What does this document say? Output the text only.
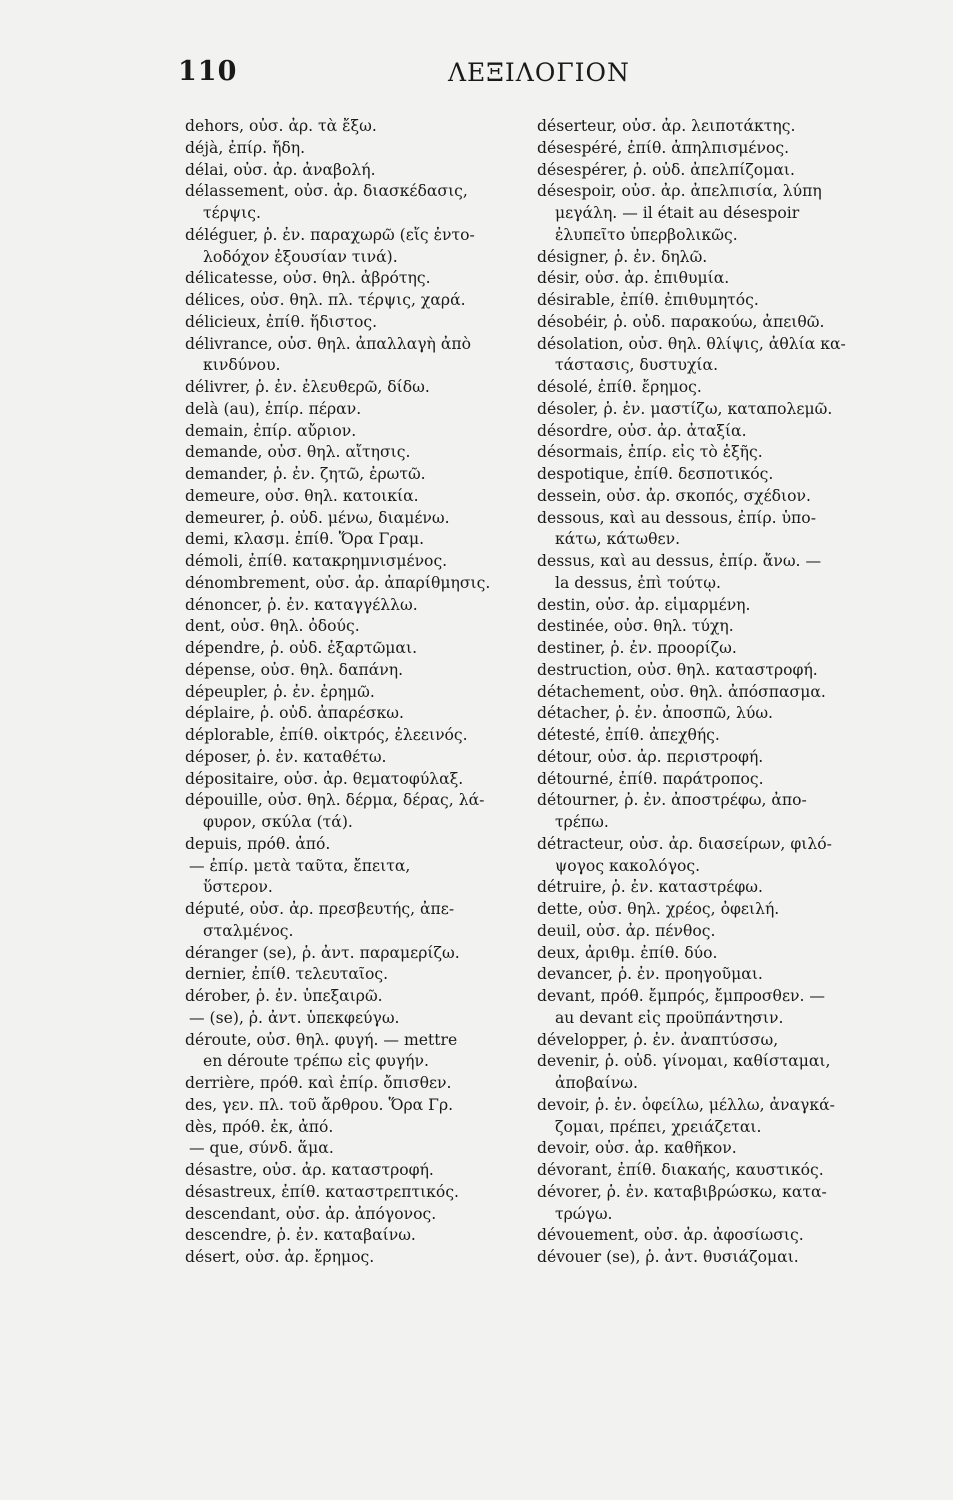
110	ΛΕΞΙΛΟΓΙΟΝ
dehors, οὐσ. ἀρ. τὰ ἔξω.
déjà, ἐπίρ. ἤδη.
délai, οὐσ. ἀρ. ἀναβολή.
délassement, οὐσ. ἀρ. διασκέδασις,
τέρψις.
déléguer, ῥ. ἐν. παραχωρῶ (εἴς ἐντο-
λοδόχον ἐξουσίαν τινά).
délicatesse, οὐσ. θηλ. ἀβρότης.
délices, οὐσ. θηλ. πλ. τέρψις, χαρά.
délicieux, ἐπίθ. ἥδιστος.
délivrance, οὐσ. θηλ. ἀπαλλαγὴ ἀπὸ
κινδύνου.
délivrer, ῥ. ἐν. ἐλευθερῶ, δίδω.
delà (au), ἐπίρ. πέραν.
demain, ἐπίρ. αὔριον.
demande, οὐσ. θηλ. αἴτησις.
demander, ῥ. ἐν. ζητῶ, ἐρωτῶ.
demeure, οὐσ. θηλ. κατοικία.
demeurer, ῥ. οὐδ. μένω, διαμένω.
demi, κλασμ. ἐπίθ. Ὅρα Γραμ.
démoli, ἐπίθ. κατακρημνισμένος.
dénombrement, οὐσ. ἀρ. ἀπαρίθμησις.
dénoncer, ῥ. ἐν. καταγγέλλω.
dent, οὐσ. θηλ. ὀδούς.
dépendre, ῥ. οὐδ. ἐξαρτῶμαι.
dépense, οὐσ. θηλ. δαπάνη.
dépeupler, ῥ. ἐν. ἐρημῶ.
déplaire, ῥ. οὐδ. ἀπαρέσκω.
déplorable, ἐπίθ. οἰκτρός, ἐλεεινός.
déposer, ῥ. ἐν. καταθέτω.
dépositaire, οὐσ. ἀρ. θεματοφύλαξ.
dépouille, οὐσ. θηλ. δέρμα, δέρας, λά-
φυρον, σκύλα (τά).
depuis, πρόθ. ἀπό.
— ἐπίρ. μετὰ ταῦτα, ἔπειτα,
ὕστερον.
député, οὐσ. ἀρ. πρεσβευτής, ἀπε-
σταλμένος.
déranger (se), ῥ. ἀντ. παραμερίζω.
dernier, ἐπίθ. τελευταῖος.
dérober, ῥ. ἐν. ὑπεξαιρῶ.
— (se), ῥ. ἀντ. ὑπεκφεύγω.
déroute, οὐσ. θηλ. φυγή. — mettre
en déroute τρέπω εἰς φυγήν.
derrière, πρόθ. καὶ ἐπίρ. ὄπισθεν.
des, γεν. πλ. τοῦ ἄρθρου. Ὅρα Γρ.
dès, πρόθ. ἐκ, ἀπό.
— que, σύνδ. ἅμα.
désastre, οὐσ. ἀρ. καταστροφή.
désastreux, ἐπίθ. καταστρεπτικός.
descendant, οὐσ. ἀρ. ἀπόγονος.
descendre, ῥ. ἐν. καταβαίνω.
désert, οὐσ. ἀρ. ἔρημος.
déserteur, οὐσ. ἀρ. λειποτάκτης.
désespéré, ἐπίθ. ἀπηλπισμένος.
désespérer, ῥ. οὐδ. ἀπελπίζομαι.
désespoir, οὐσ. ἀρ. ἀπελπισία, λύπη
μεγάλη. — il était au désespoir
ἐλυπεῖτο ὑπερβολικῶς.
désigner, ῥ. ἐν. δηλῶ.
désir, οὐσ. ἀρ. ἐπιθυμία.
désirable, ἐπίθ. ἐπιθυμητός.
désobéir, ῥ. οὐδ. παρακούω, ἀπειθῶ.
désolation, οὐσ. θηλ. θλίψις, ἀθλία κα-
τάστασις, δυστυχία.
désolé, ἐπίθ. ἔρημος.
désoler, ῥ. ἐν. μαστίζω, καταπολεμῶ.
désordre, οὐσ. ἀρ. ἀταξία.
désormais, ἐπίρ. εἰς τὸ ἑξῆς.
despotique, ἐπίθ. δεσποτικός.
dessein, οὐσ. ἀρ. σκοπός, σχέδιον.
dessous, καὶ au dessous, ἐπίρ. ὑπο-
κάτω, κάτωθεν.
dessus, καὶ au dessus, ἐπίρ. ἄνω. —
la dessus, ἐπὶ τούτῳ.
destin, οὐσ. ἀρ. εἱμαρμένη.
destinée, οὐσ. θηλ. τύχη.
destiner, ῥ. ἐν. προορίζω.
destruction, οὐσ. θηλ. καταστροφή.
détachement, οὐσ. θηλ. ἀπόσπασμα.
détacher, ῥ. ἐν. ἀποσπῶ, λύω.
détesté, ἐπίθ. ἀπεχθής.
détour, οὐσ. ἀρ. περιστροφή.
détourné, ἐπίθ. παράτροπος.
détourner, ῥ. ἐν. ἀποστρέφω, ἀπο-
τρέπω.
détracteur, οὐσ. ἀρ. διασείρων, φιλό-
ψογος κακολόγος.
détruire, ῥ. ἐν. καταστρέφω.
dette, οὐσ. θηλ. χρέος, ὀφειλή.
deuil, οὐσ. ἀρ. πένθος.
deux, ἀριθμ. ἐπίθ. δύο.
devancer, ῥ. ἐν. προηγοῦμαι.
devant, πρόθ. ἔμπρός, ἔμπροσθεν. —
au devant εἰς προϋπάντησιν.
développer, ῥ. ἐν. ἀναπτύσσω,
devenir, ῥ. οὐδ. γίνομαι, καθίσταμαι,
ἀποβαίνω.
devoir, ῥ. ἐν. ὀφείλω, μέλλω, ἀναγκά-
ζομαι, πρέπει, χρειάζεται.
devoir, οὐσ. ἀρ. καθῆκον.
dévorant, ἐπίθ. διακαής, καυστικός.
dévorer, ῥ. ἐν. καταβιβρώσκω, κατα-
τρώγω.
dévouement, οὐσ. ἀρ. ἀφοσίωσις.
dévouer (se), ῥ. ἀντ. θυσιάζομαι.
